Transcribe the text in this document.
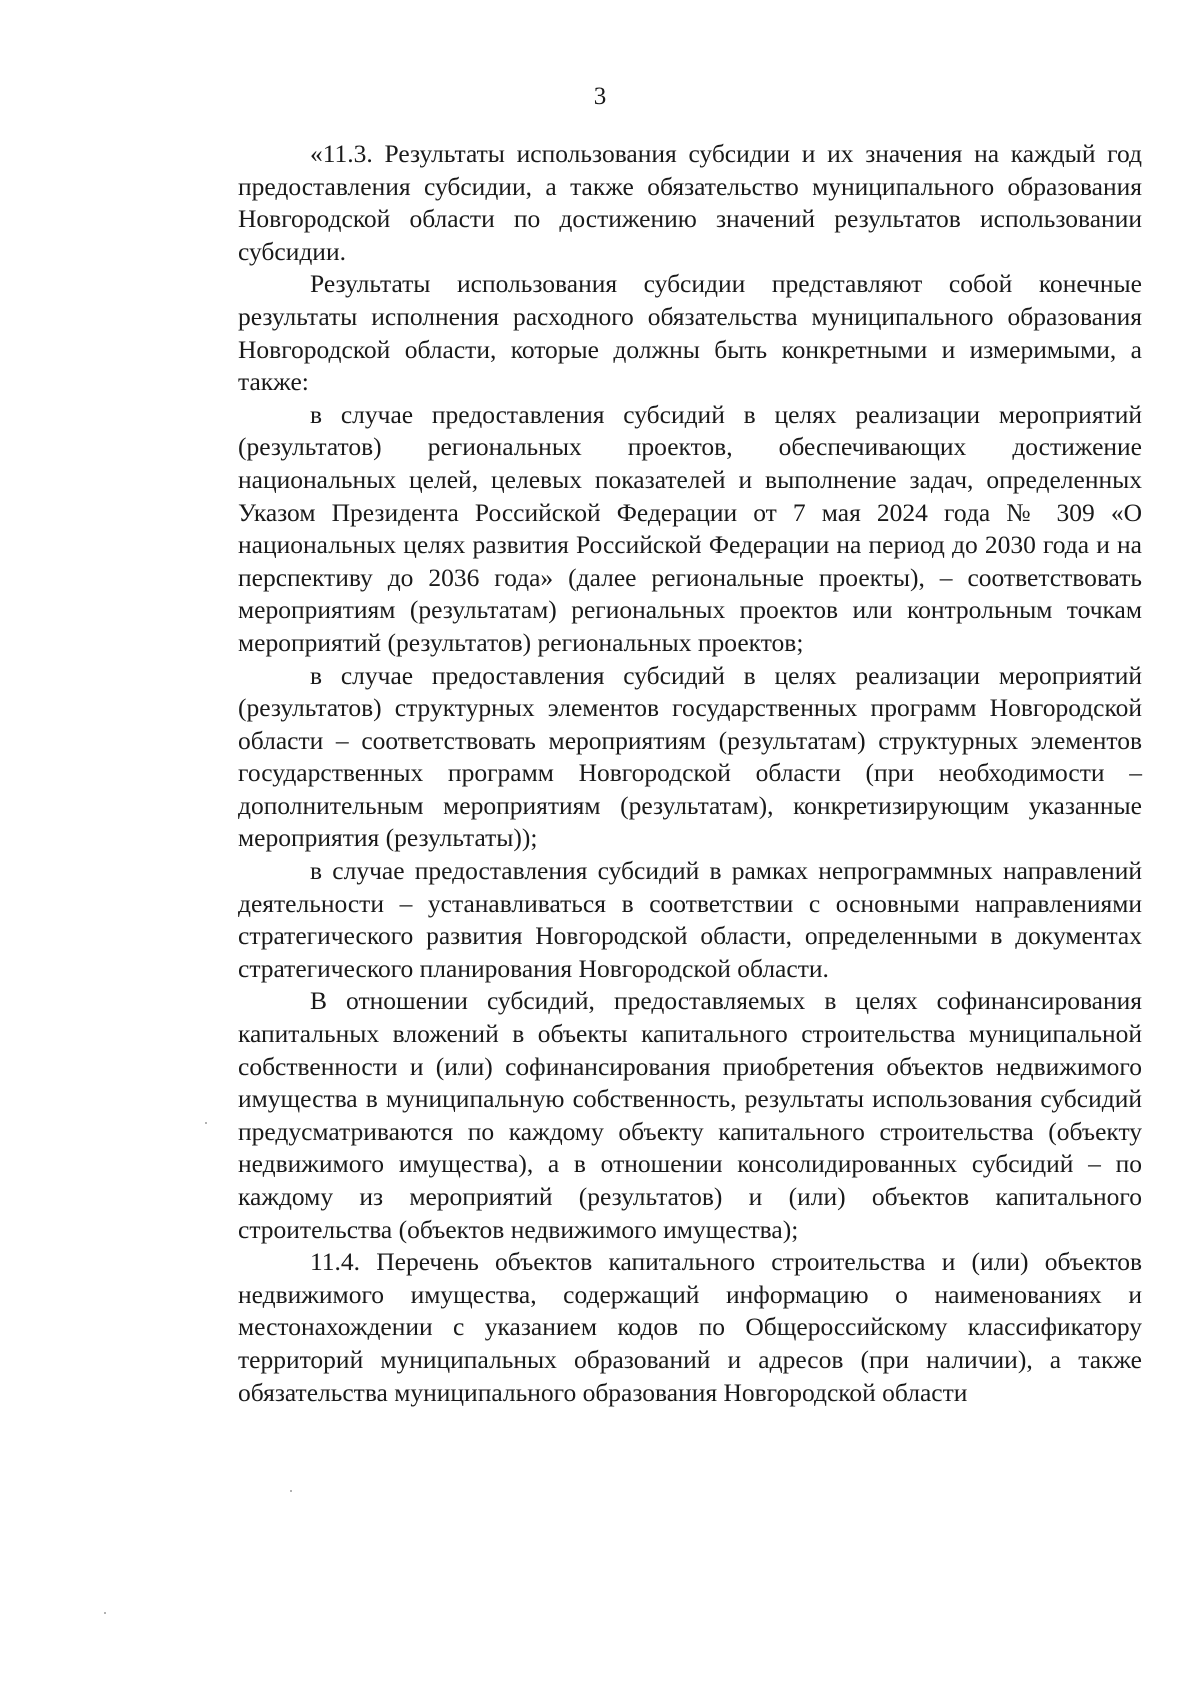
3

«11.3. Результаты использования субсидии и их значения на каждый год предоставления субсидии, а также обязательство муниципального образования Новгородской области по достижению значений результатов использовании субсидии.

Результаты использования субсидии представляют собой конечные результаты исполнения расходного обязательства муниципального образования Новгородской области, которые должны быть конкретными и измеримыми, а также:

в случае предоставления субсидий в целях реализации мероприятий (результатов) региональных проектов, обеспечивающих достижение национальных целей, целевых показателей и выполнение задач, определенных Указом Президента Российской Федерации от 7 мая 2024 года № 309 «О национальных целях развития Российской Федерации на период до 2030 года и на перспективу до 2036 года» (далее региональные проекты), – соответствовать мероприятиям (результатам) региональных проектов или контрольным точкам мероприятий (результатов) региональных проектов;

в случае предоставления субсидий в целях реализации мероприятий (результатов) структурных элементов государственных программ Новгородской области – соответствовать мероприятиям (результатам) структурных элементов государственных программ Новгородской области (при необходимости – дополнительным мероприятиям (результатам), конкретизирующим указанные мероприятия (результаты));

в случае предоставления субсидий в рамках непрограммных направлений деятельности – устанавливаться в соответствии с основными направлениями стратегического развития Новгородской области, определенными в документах стратегического планирования Новгородской области.

В отношении субсидий, предоставляемых в целях софинансирования капитальных вложений в объекты капитального строительства муниципальной собственности и (или) софинансирования приобретения объектов недвижимого имущества в муниципальную собственность, результаты использования субсидий предусматриваются по каждому объекту капитального строительства (объекту недвижимого имущества), а в отношении консолидированных субсидий – по каждому из мероприятий (результатов) и (или) объектов капитального строительства (объектов недвижимого имущества);

11.4. Перечень объектов капитального строительства и (или) объектов недвижимого имущества, содержащий информацию о наименованиях и местонахождении с указанием кодов по Общероссийскому классификатору территорий муниципальных образований и адресов (при наличии), а также обязательства муниципального образования Новгородской области
